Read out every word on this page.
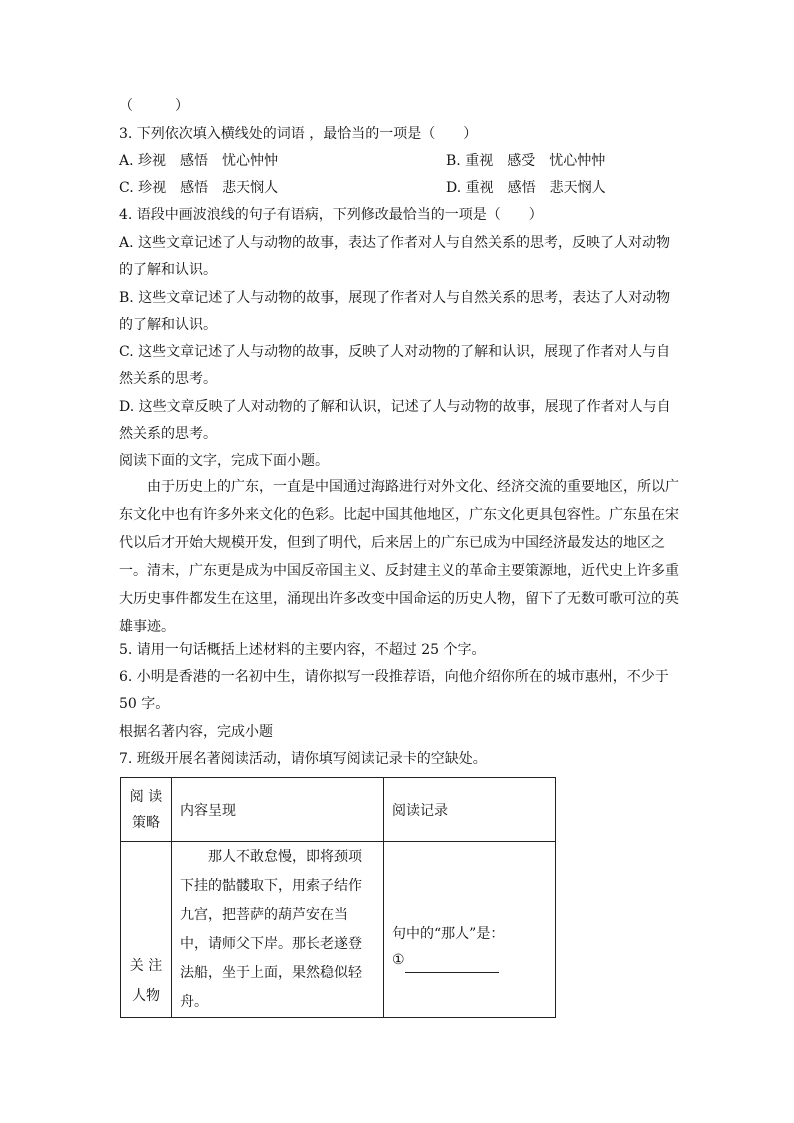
（　　　）
3. 下列依次填入横线处的词语 ，最恰当的一项是（　　）
A. 珍视　感悟　忧心忡忡	B. 重视　感受　忧心忡忡
C. 珍视　感悟　悲天悯人	D. 重视　感悟　悲天悯人
4. 语段中画波浪线的句子有语病，下列修改最恰当的一项是（　　）
A. 这些文章记述了人与动物的故事，表达了作者对人与自然关系的思考，反映了人对动物
的了解和认识。
B. 这些文章记述了人与动物的故事，展现了作者对人与自然关系的思考，表达了人对动物
的了解和认识。
C. 这些文章记述了人与动物的故事，反映了人对动物的了解和认识，展现了作者对人与自
然关系的思考。
D. 这些文章反映了人对动物的了解和认识，记述了人与动物的故事，展现了作者对人与自
然关系的思考。
阅读下面的文字，完成下面小题。
由于历史上的广东，一直是中国通过海路进行对外文化、经济交流的重要地区，所以广东文化中也有许多外来文化的色彩。比起中国其他地区，广东文化更具包容性。广东虽在宋代以后才开始大规模开发，但到了明代，后来居上的广东已成为中国经济最发达的地区之一。清末，广东更是成为中国反帝国主义、反封建主义的革命主要策源地，近代史上许多重大历史事件都发生在这里，涌现出许多改变中国命运的历史人物，留下了无数可歌可泣的英雄事迹。
5. 请用一句话概括上述材料的主要内容，不超过 25 个字。
6. 小明是香港的一名初中生，请你拟写一段推荐语，向他介绍你所在的城市惠州，不少于
50 字。
根据名著内容，完成小题
7. 班级开展名著阅读活动，请你填写阅读记录卡的空缺处。
阅 读 策略	内容呈现	阅读记录

关 注 人物	那人不敢怠慢，即将颈项下挂的骷髅取下，用索子结作九宫，把菩萨的葫芦安在当中，请师父下岸。那长老遂登法船，坐于上面，果然稳似轻舟。	句中的“那人”是：
①
